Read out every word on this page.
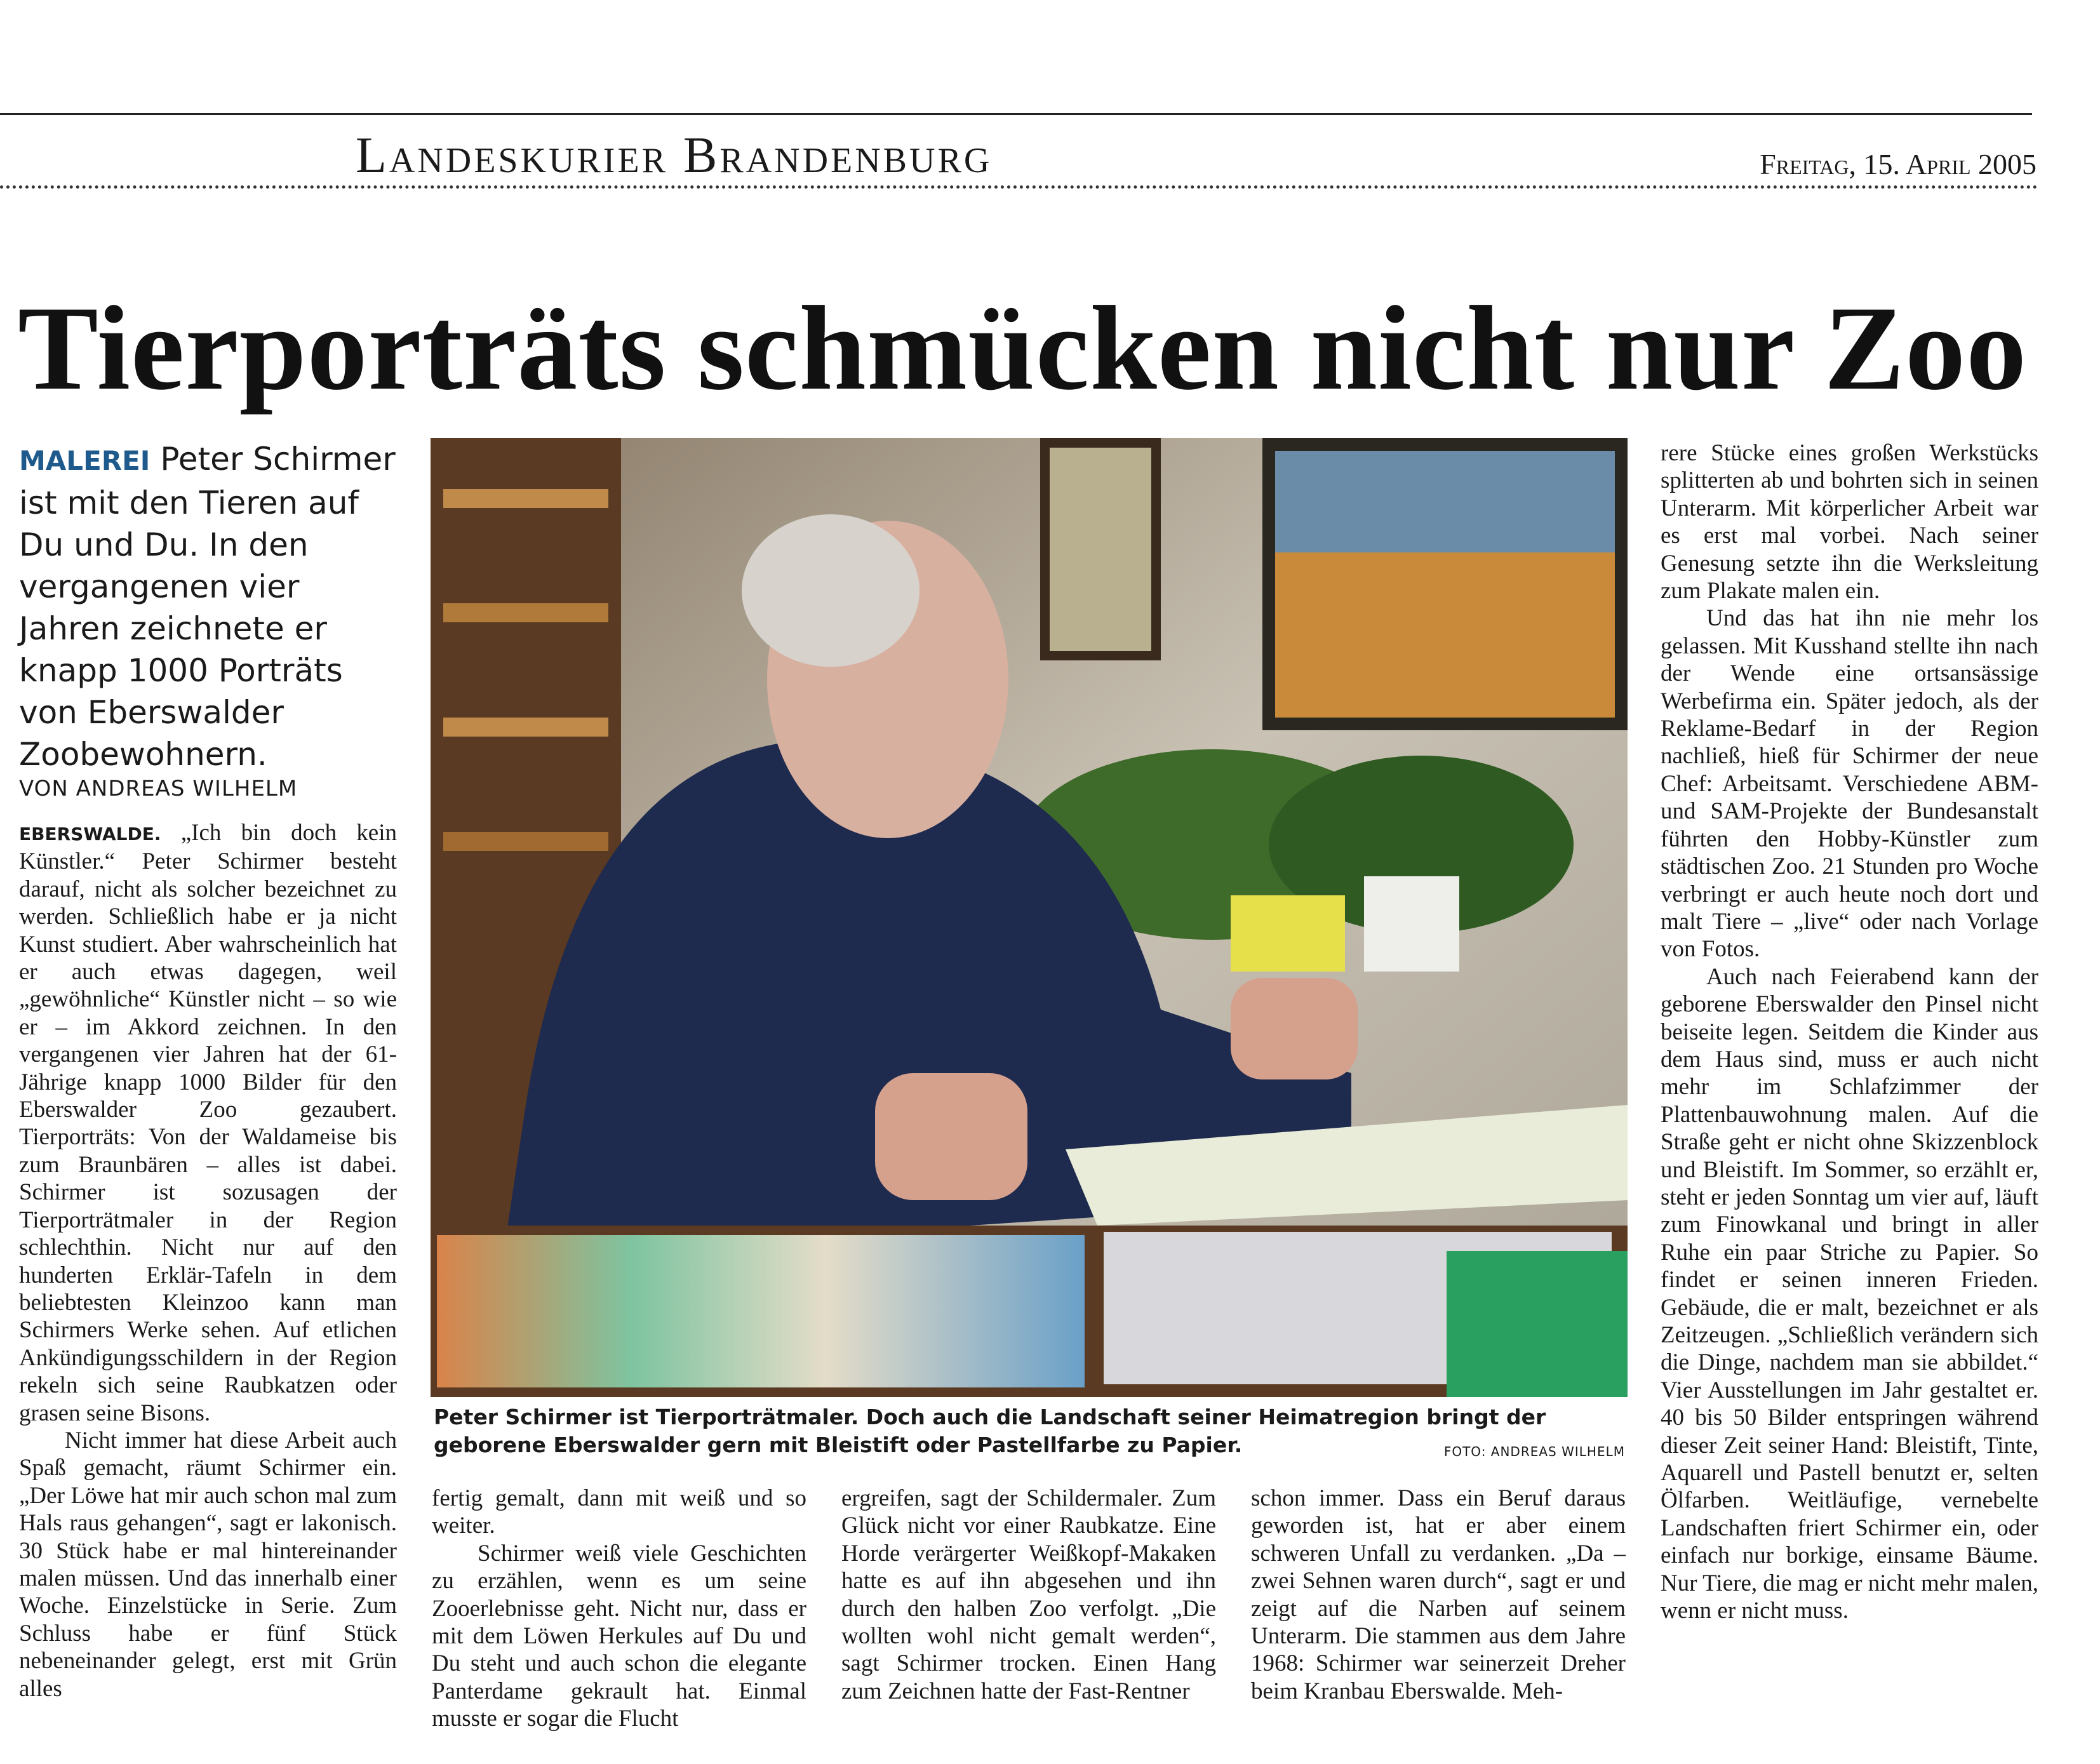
Landeskurier Brandenburg	Freitag, 15. April 2005
Tierporträts schmücken nicht nur Zoo
MALEREI Peter Schirmer ist mit den Tieren auf Du und Du. In den vergangenen vier Jahren zeichnete er knapp 1000 Porträts von Eberswalder Zoobewohnern.
VON ANDREAS WILHELM

EBERSWALDE. „Ich bin doch kein Künstler.“ Peter Schirmer besteht darauf, nicht als solcher bezeichnet zu werden. Schließlich habe er ja nicht Kunst studiert. Aber wahrscheinlich hat er auch etwas dagegen, weil „gewöhnliche“ Künstler nicht – so wie er – im Akkord zeichnen. In den vergangenen vier Jahren hat der 61-Jährige knapp 1000 Bilder für den Eberswalder Zoo gezaubert. Tierporträts: Von der Waldameise bis zum Braunbären – alles ist dabei. Schirmer ist sozusagen der Tierporträtmaler in der Region schlechthin. Nicht nur auf den hunderten Erklär-Tafeln in dem beliebtesten Kleinzoo kann man Schirmers Werke sehen. Auf etlichen Ankündigungsschildern in der Region rekeln sich seine Raubkatzen oder grasen seine Bisons.

Nicht immer hat diese Arbeit auch Spaß gemacht, räumt Schirmer ein. „Der Löwe hat mir auch schon mal zum Hals raus gehangen“, sagt er lakonisch. 30 Stück habe er mal hintereinander malen müssen. Und das innerhalb einer Woche. Einzelstücke in Serie. Zum Schluss habe er fünf Stück nebeneinander gelegt, erst mit Grün alles

Peter Schirmer ist Tierporträtmaler. Doch auch die Landschaft seiner Heimatregion bringt der geborene Eberswalder gern mit Bleistift oder Pastellfarbe zu Papier.	FOTO: ANDREAS WILHELM

fertig gemalt, dann mit weiß und so weiter.

Schirmer weiß viele Geschichten zu erzählen, wenn es um seine Zooerlebnisse geht. Nicht nur, dass er mit dem Löwen Herkules auf Du und Du steht und auch schon die elegante Panterdame gekrault hat. Einmal musste er sogar die Flucht

ergreifen, sagt der Schildermaler. Zum Glück nicht vor einer Raubkatze. Eine Horde verärgerter Weißkopf-Makaken hatte es auf ihn abgesehen und ihn durch den halben Zoo verfolgt. „Die wollten wohl nicht gemalt werden“, sagt Schirmer trocken. Einen Hang zum Zeichnen hatte der Fast-Rentner

schon immer. Dass ein Beruf daraus geworden ist, hat er aber einem schweren Unfall zu verdanken. „Da – zwei Sehnen waren durch“, sagt er und zeigt auf die Narben auf seinem Unterarm. Die stammen aus dem Jahre 1968: Schirmer war seinerzeit Dreher beim Kranbau Eberswalde. Meh-

rere Stücke eines großen Werkstücks splitterten ab und bohrten sich in seinen Unterarm. Mit körperlicher Arbeit war es erst mal vorbei. Nach seiner Genesung setzte ihn die Werksleitung zum Plakate malen ein.

Und das hat ihn nie mehr los gelassen. Mit Kusshand stellte ihn nach der Wende eine ortsansässige Werbefirma ein. Später jedoch, als der Reklame-Bedarf in der Region nachließ, hieß für Schirmer der neue Chef: Arbeitsamt. Verschiedene ABM- und SAM-Projekte der Bundesanstalt führten den Hobby-Künstler zum städtischen Zoo. 21 Stunden pro Woche verbringt er auch heute noch dort und malt Tiere – „live“ oder nach Vorlage von Fotos.

Auch nach Feierabend kann der geborene Eberswalder den Pinsel nicht beiseite legen. Seitdem die Kinder aus dem Haus sind, muss er auch nicht mehr im Schlafzimmer der Plattenbauwohnung malen. Auf die Straße geht er nicht ohne Skizzenblock und Bleistift. Im Sommer, so erzählt er, steht er jeden Sonntag um vier auf, läuft zum Finowkanal und bringt in aller Ruhe ein paar Striche zu Papier. So findet er seinen inneren Frieden. Gebäude, die er malt, bezeichnet er als Zeitzeugen. „Schließlich verändern sich die Dinge, nachdem man sie abbildet.“ Vier Ausstellungen im Jahr gestaltet er. 40 bis 50 Bilder entspringen während dieser Zeit seiner Hand: Bleistift, Tinte, Aquarell und Pastell benutzt er, selten Ölfarben. Weitläufige, vernebelte Landschaften friert Schirmer ein, oder einfach nur borkige, einsame Bäume. Nur Tiere, die mag er nicht mehr malen, wenn er nicht muss.
